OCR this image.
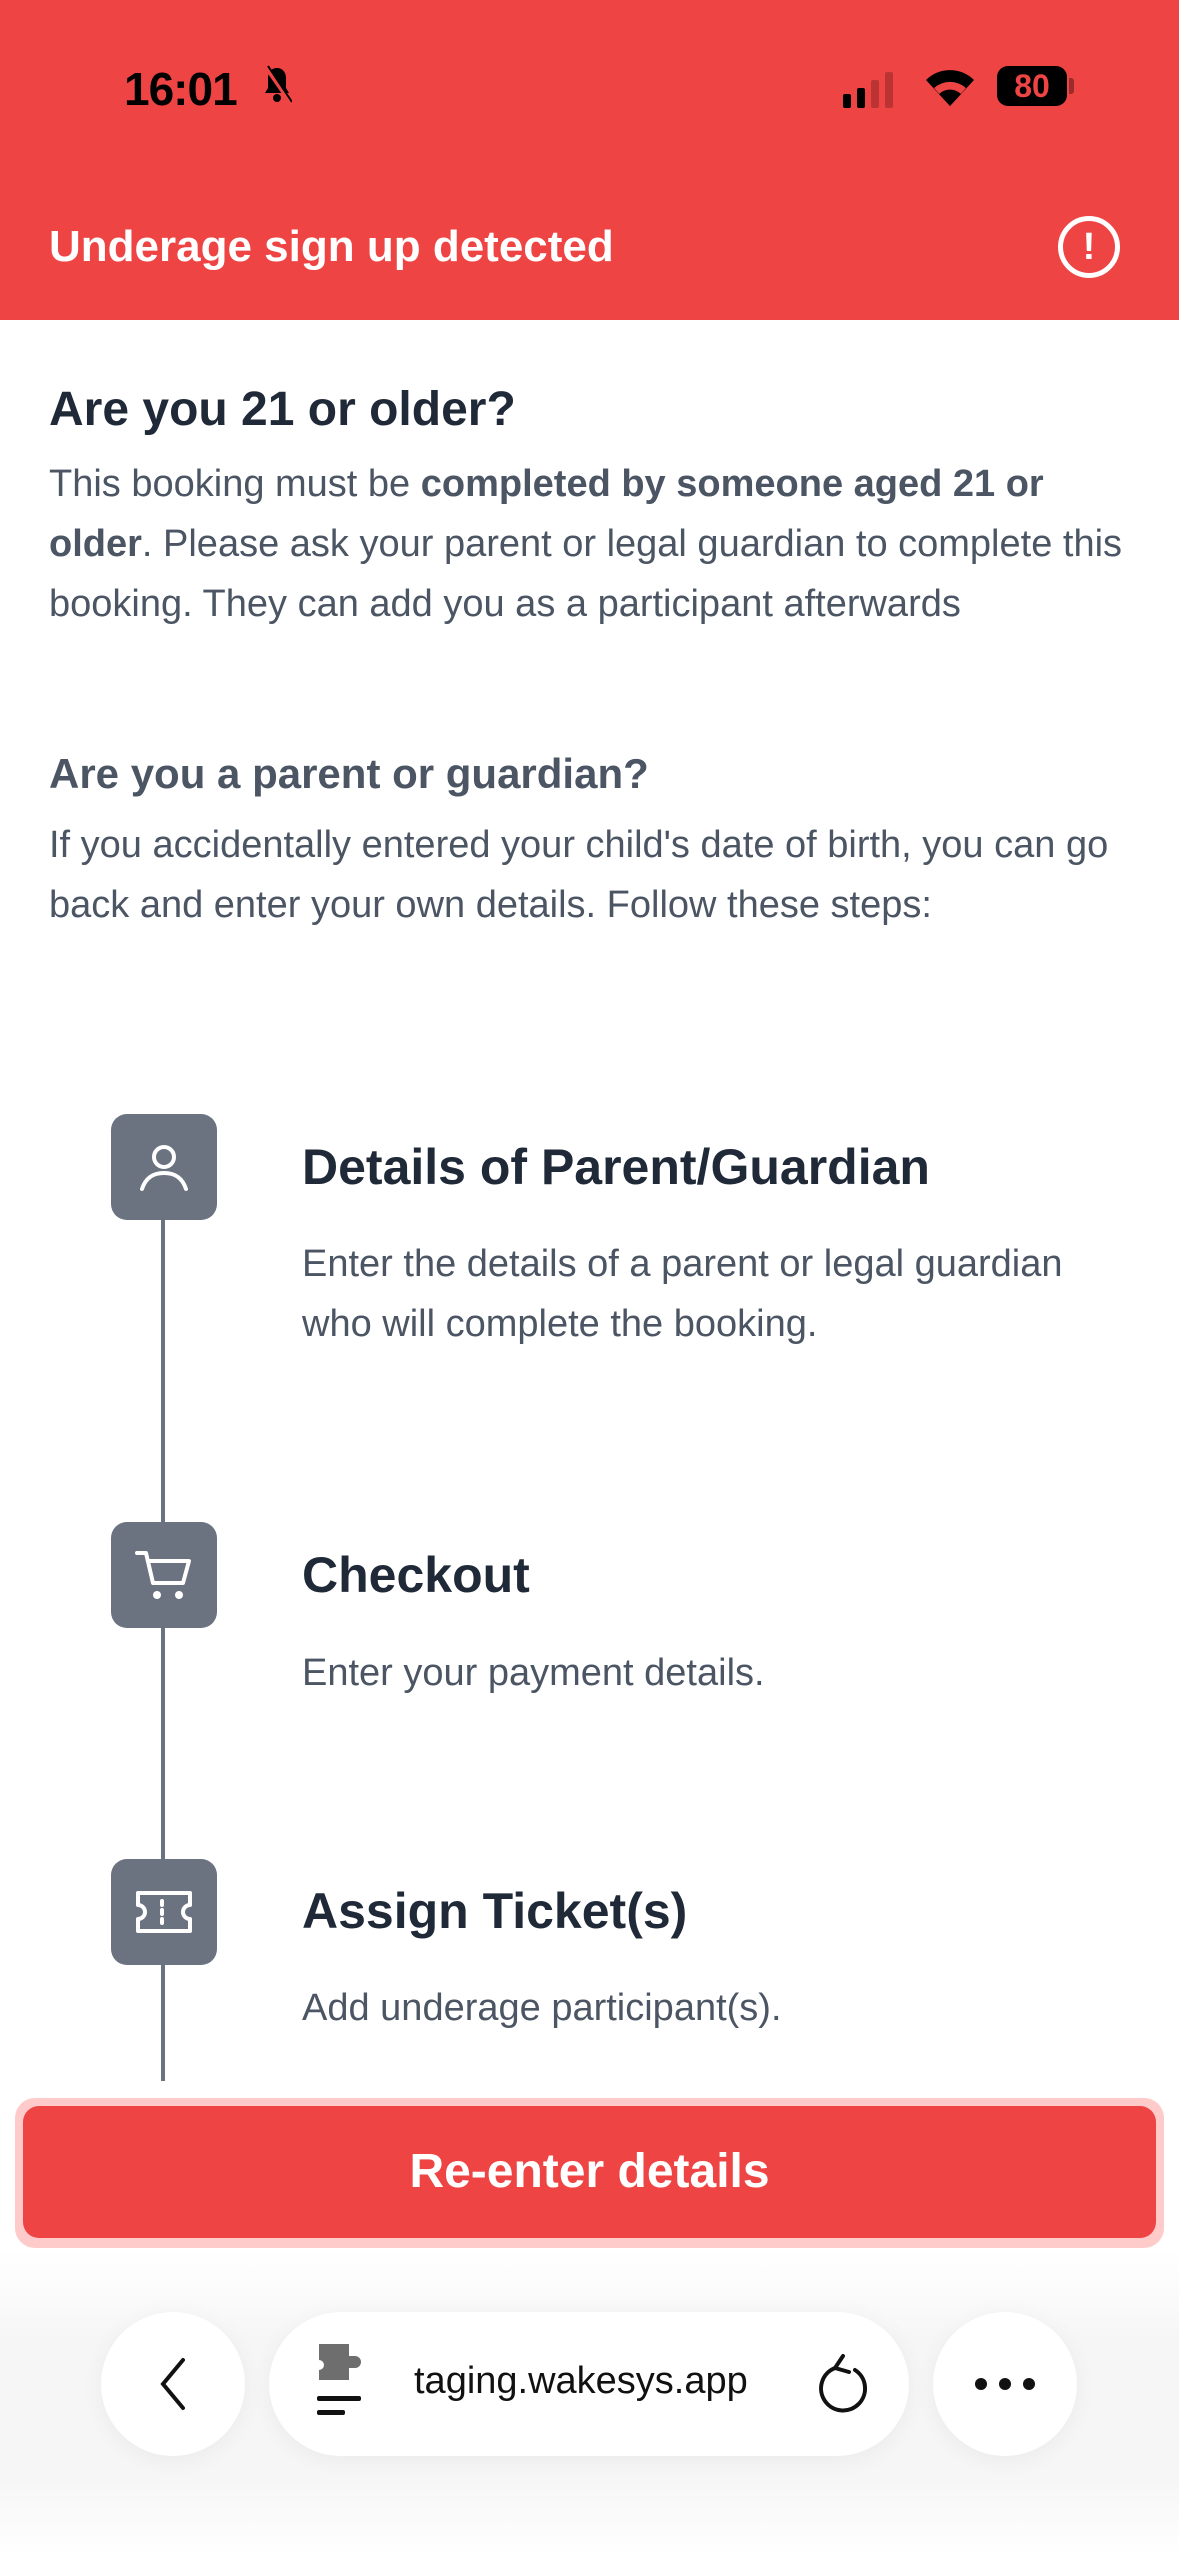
16:01	80
Underage sign up detected	!
Are you 21 or older?
This booking must be completed by someone aged 21 or older. Please ask your parent or legal guardian to complete this booking. They can add you as a participant afterwards
Are you a parent or guardian?
If you accidentally entered your child's date of birth, you can go back and enter your own details. Follow these steps:
Details of Parent/Guardian
Enter the details of a parent or legal guardian who will complete the booking.
Checkout
Enter your payment details.
Assign Ticket(s)
Add underage participant(s).
Re-enter details
taging.wakesys.app
